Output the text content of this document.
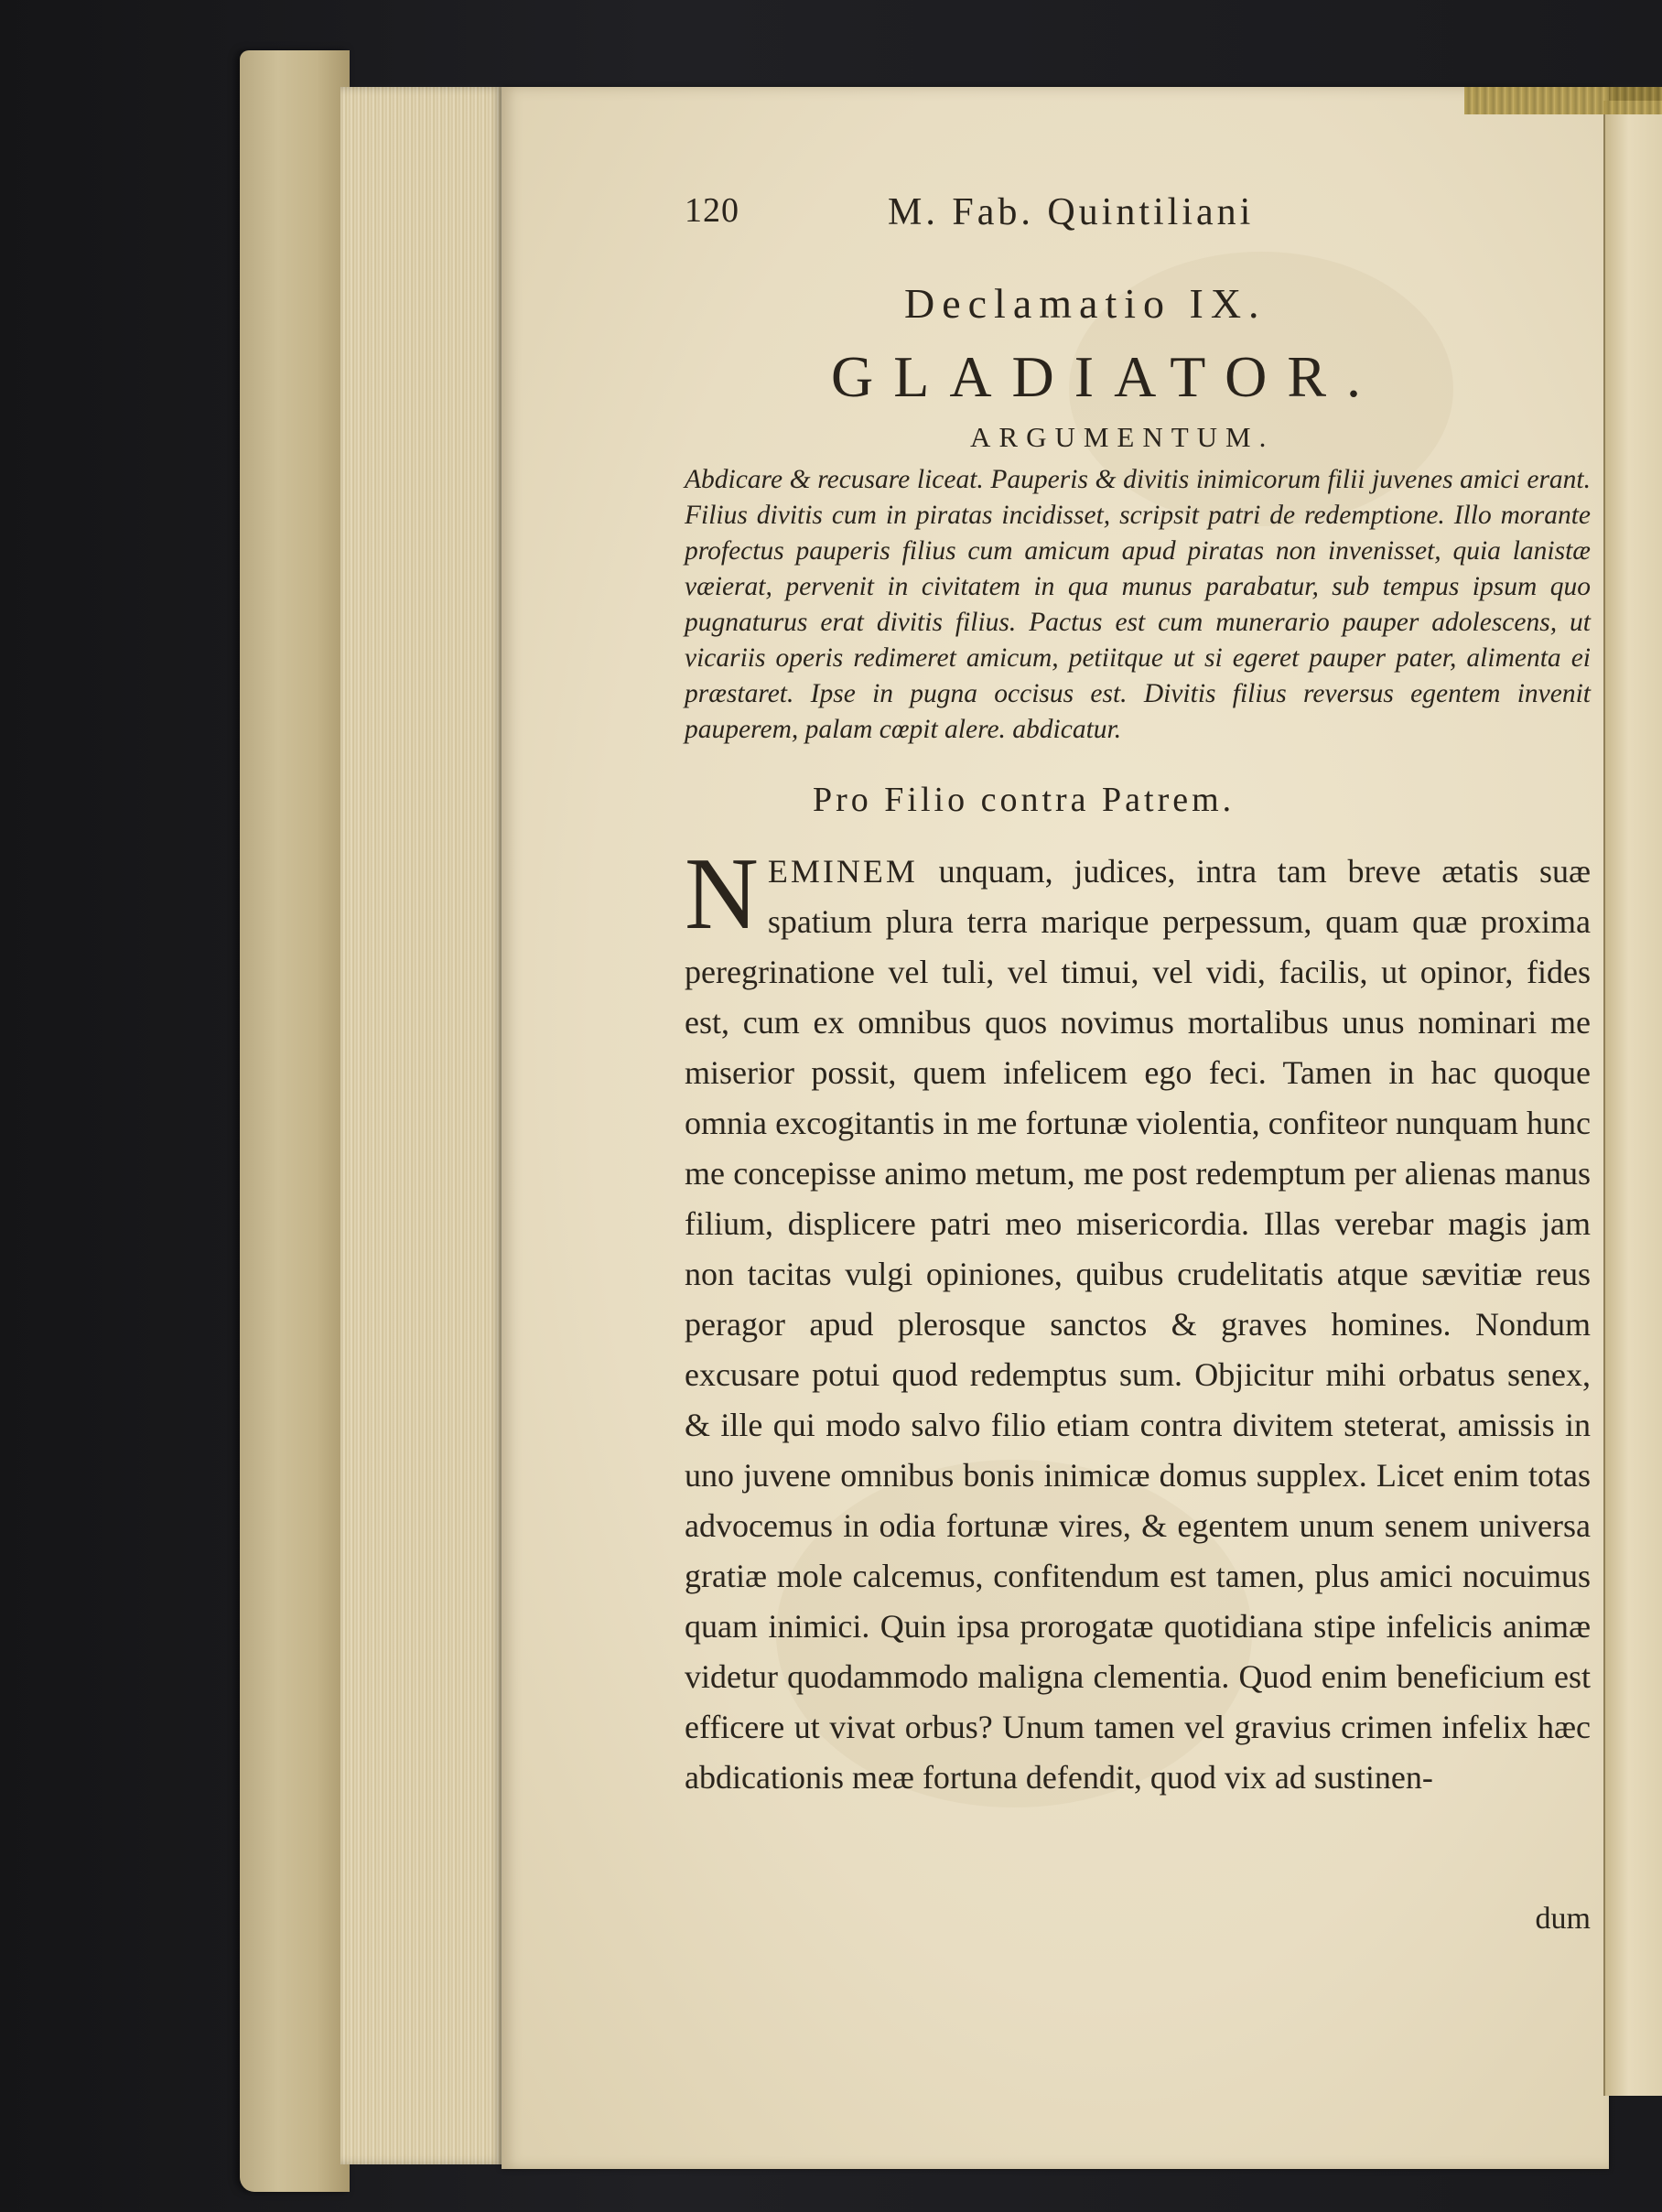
120	M. Fab. Quintiliani
Declamatio IX.
GLADIATOR.
ARGUMENTUM.
Abdicare & recusare liceat. Pauperis & divitis inimicorum filii juvenes amici erant. Filius divitis cum in piratas incidisset, scripsit patri de redemptione. Illo morante profectus pauperis filius cum amicum apud piratas non invenisset, quia lanistæ væierat, pervenit in civitatem in qua munus parabatur, sub tempus ipsum quo pugnaturus erat divitis filius. Pactus est cum munerario pauper adolescens, ut vicariis operis redimeret amicum, petiitque ut si egeret pauper pater, alimenta ei præstaret. Ipse in pugna occisus est. Divitis filius reversus egentem invenit pauperem, palam cœpit alere. abdicatur.
Pro Filio contra Patrem.
NEMINEM unquam, judices, intra tam breve ætatis suæ spatium plura terra marique perpessum, quam quæ proxima peregrinatione vel tuli, vel timui, vel vidi, facilis, ut opinor, fides est, cum ex omnibus quos novimus mortalibus unus nominari me miserior possit, quem infelicem ego feci. Tamen in hac quoque omnia excogitantis in me fortunæ violentia, confiteor nunquam hunc me concepisse animo metum, me post redemptum per alienas manus filium, displicere patri meo misericordia. Illas verebar magis jam non tacitas vulgi opiniones, quibus crudelitatis atque sævitiæ reus peragor apud plerosque sanctos & graves homines. Nondum excusare potui quod redemptus sum. Objicitur mihi orbatus senex, & ille qui modo salvo filio etiam contra divitem steterat, amissis in uno juvene omnibus bonis inimicæ domus supplex. Licet enim totas advocemus in odia fortunæ vires, & egentem unum senem universa gratiæ mole calcemus, confitendum est tamen, plus amici nocuimus quam inimici. Quin ipsa prorogatæ quotidiana stipe infelicis animæ videtur quodammodo maligna clementia. Quod enim beneficium est efficere ut vivat orbus? Unum tamen vel gravius crimen infelix hæc abdicationis meæ fortuna defendit, quod vix ad sustinen-
dum
